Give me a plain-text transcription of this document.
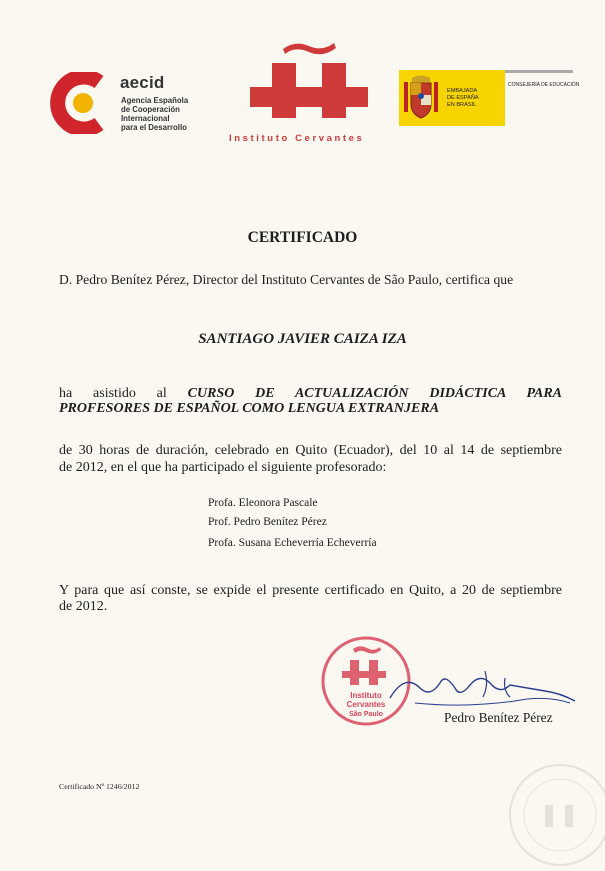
aecid
Agencia Española
de Cooperación
Internacional
para el Desarrollo
Instituto Cervantes
EMBAJADA
DE ESPAÑA
EN BRASIL
CONSEJERÍA DE EDUCACIÓN
CERTIFICADO
D. Pedro Benítez Pérez, Director del Instituto Cervantes de São Paulo, certifica que
SANTIAGO JAVIER CAIZA IZA
ha asistido al CURSO DE ACTUALIZACIÓN DIDÁCTICA PARA
PROFESORES DE ESPAÑOL COMO LENGUA EXTRANJERA
de 30 horas de duración, celebrado en Quito (Ecuador), del 10 al 14 de septiembre
de 2012, en el que ha participado el siguiente profesorado:
Profa. Eleonora Pascale
Prof. Pedro Benítez Pérez
Profa. Susana Echeverría Echeverría
Y para que así conste, se expide el presente certificado en Quito, a 20 de septiembre
de 2012.
Instituto
Cervantes
São Paulo	Pedro Benítez Pérez
Certificado Nº 1246/2012
